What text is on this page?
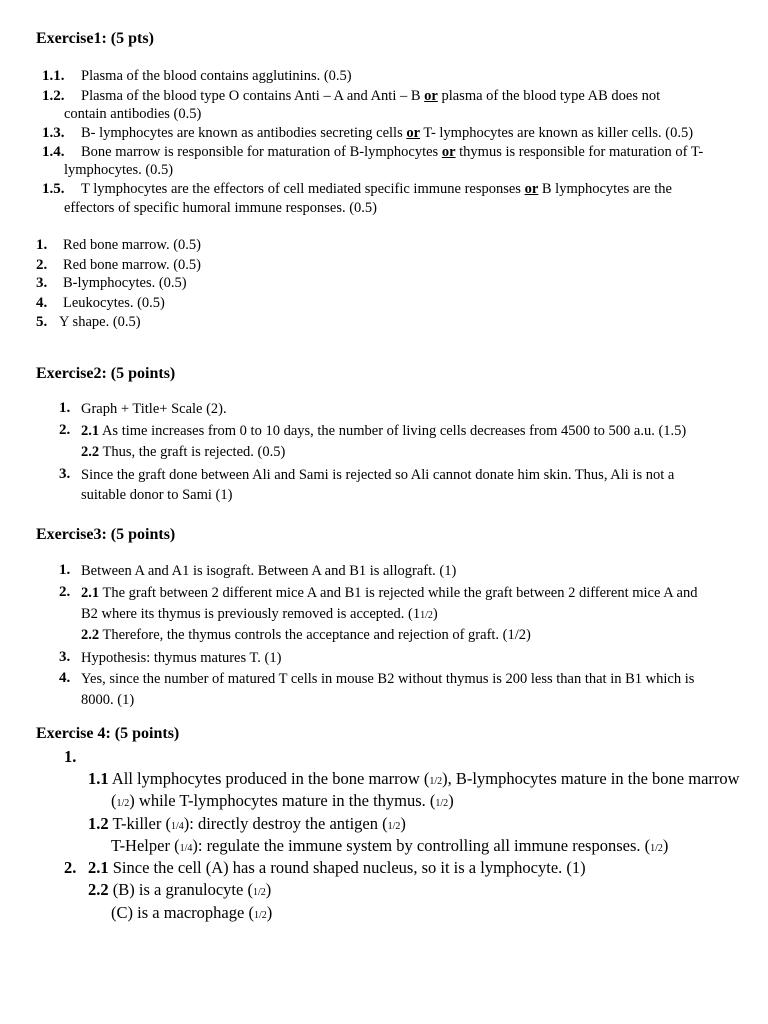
Exercise1: (5 pts)
1.1. Plasma of the blood contains agglutinins. (0.5)
1.2. Plasma of the blood type O contains Anti – A and Anti – B or plasma of the blood type AB does not
contain antibodies (0.5)
1.3. B- lymphocytes are known as antibodies secreting cells or T- lymphocytes are known as killer cells. (0.5)
1.4. Bone marrow is responsible for maturation of B-lymphocytes or thymus is responsible for maturation of T-
lymphocytes. (0.5)
1.5. T lymphocytes are the effectors of cell mediated specific immune responses or B lymphocytes are the
effectors of specific humoral immune responses. (0.5)
1. Red bone marrow. (0.5)
2. Red bone marrow. (0.5)
3. B-lymphocytes. (0.5)
4. Leukocytes. (0.5)
5. Y shape. (0.5)
Exercise2: (5 points)
1. Graph + Title+ Scale (2).
2. 2.1 As time increases from 0 to 10 days, the number of living cells decreases from 4500 to 500 a.u. (1.5)
2.2 Thus, the graft is rejected. (0.5)
3. Since the graft done between Ali and Sami is rejected so Ali cannot donate him skin. Thus, Ali is not a
suitable donor to Sami (1)
Exercise3: (5 points)
1. Between A and A1 is isograft. Between A and B1 is allograft. (1)
2. 2.1 The graft between 2 different mice A and B1 is rejected while the graft between 2 different mice A and
B2 where its thymus is previously removed is accepted. (11/2)
2.2 Therefore, the thymus controls the acceptance and rejection of graft. (1/2)
3. Hypothesis: thymus matures T. (1)
4. Yes, since the number of matured T cells in mouse B2 without thymus is 200 less than that in B1 which is
8000. (1)
Exercise 4: (5 points)
1.
1.1 All lymphocytes produced in the bone marrow (1/2), B-lymphocytes mature in the bone marrow
(1/2) while T-lymphocytes mature in the thymus. (1/2)
1.2 T-killer (1/4): directly destroy the antigen (1/2)
T-Helper (1/4): regulate the immune system by controlling all immune responses. (1/2)
2. 2.1 Since the cell (A) has a round shaped nucleus, so it is a lymphocyte. (1)
2.2 (B) is a granulocyte (1/2)
(C) is a macrophage (1/2)
